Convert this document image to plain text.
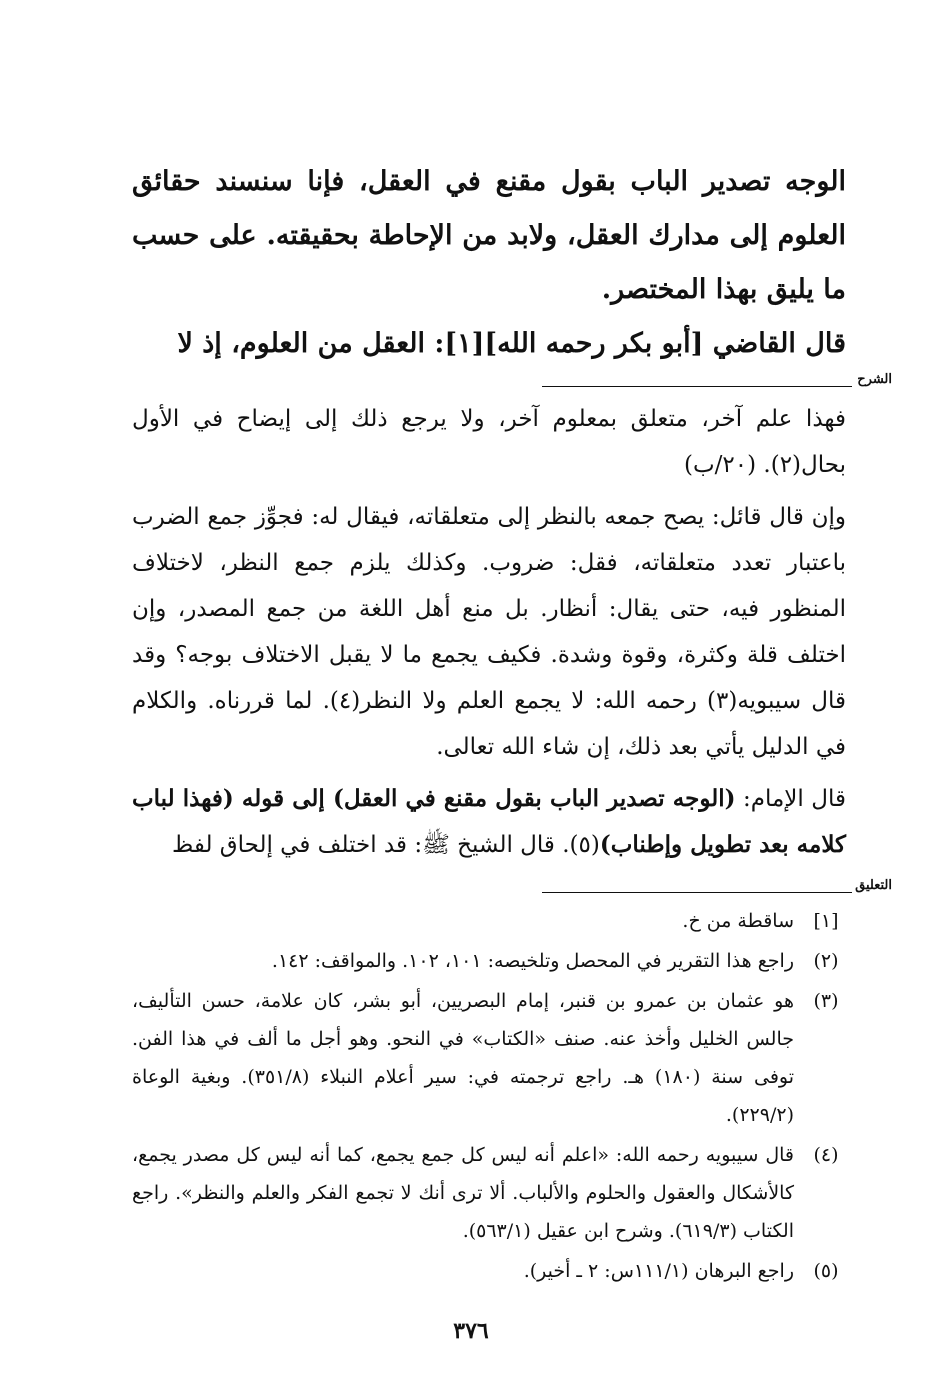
الوجه تصدير الباب بقول مقنع في العقل، فإنا سنسند حقائق العلوم إلى مدارك العقل، ولابد من الإحاطة بحقيقته. على حسب ما يليق بهذا المختصر.

قال القاضي [أبو بكر رحمه الله][١]: العقل من العلوم، إذ لا

الشرح

فهذا علم آخر، متعلق بمعلوم آخر، ولا يرجع ذلك إلى إيضاح في الأول بحال(٢). (٢٠/ب)

وإن قال قائل: يصح جمعه بالنظر إلى متعلقاته، فيقال له: فجوِّز جمع الضرب باعتبار تعدد متعلقاته، فقل: ضروب. وكذلك يلزم جمع النظر، لاختلاف المنظور فيه، حتى يقال: أنظار. بل منع أهل اللغة من جمع المصدر، وإن اختلف قلة وكثرة، وقوة وشدة. فكيف يجمع ما لا يقبل الاختلاف بوجه؟ وقد قال سيبويه(٣) رحمه الله: لا يجمع العلم ولا النظر(٤). لما قررناه. والكلام في الدليل يأتي بعد ذلك، إن شاء الله تعالى.

قال الإمام: (الوجه تصدير الباب بقول مقنع في العقل) إلى قوله (فهذا لباب كلامه بعد تطويل وإطناب)(٥). قال الشيخ ﷺ: قد اختلف في إلحاق لفظ

التعليق
[١]
ساقطة من خ.
(٢)
راجع هذا التقرير في المحصل وتلخيصه: ١٠١، ١٠٢. والمواقف: ١٤٢.
(٣)
هو عثمان بن عمرو بن قنبر، إمام البصريين، أبو بشر، كان علامة، حسن التأليف، جالس الخليل وأخذ عنه. صنف «الكتاب» في النحو. وهو أجل ما ألف في هذا الفن. توفى سنة (١٨٠) هـ. راجع ترجمته في: سير أعلام النبلاء (٣٥١/٨). وبغية الوعاة (٢٢٩/٢).
(٤)
قال سيبويه رحمه الله: «اعلم أنه ليس كل جمع يجمع، كما أنه ليس كل مصدر يجمع، كالأشكال والعقول والحلوم والألباب. ألا ترى أنك لا تجمع الفكر والعلم والنظر». راجع الكتاب (٦١٩/٣). وشرح ابن عقيل (٥٦٣/١).
(٥)
راجع البرهان (١١١/١س: ٢ ـ أخير).
٣٧٦
